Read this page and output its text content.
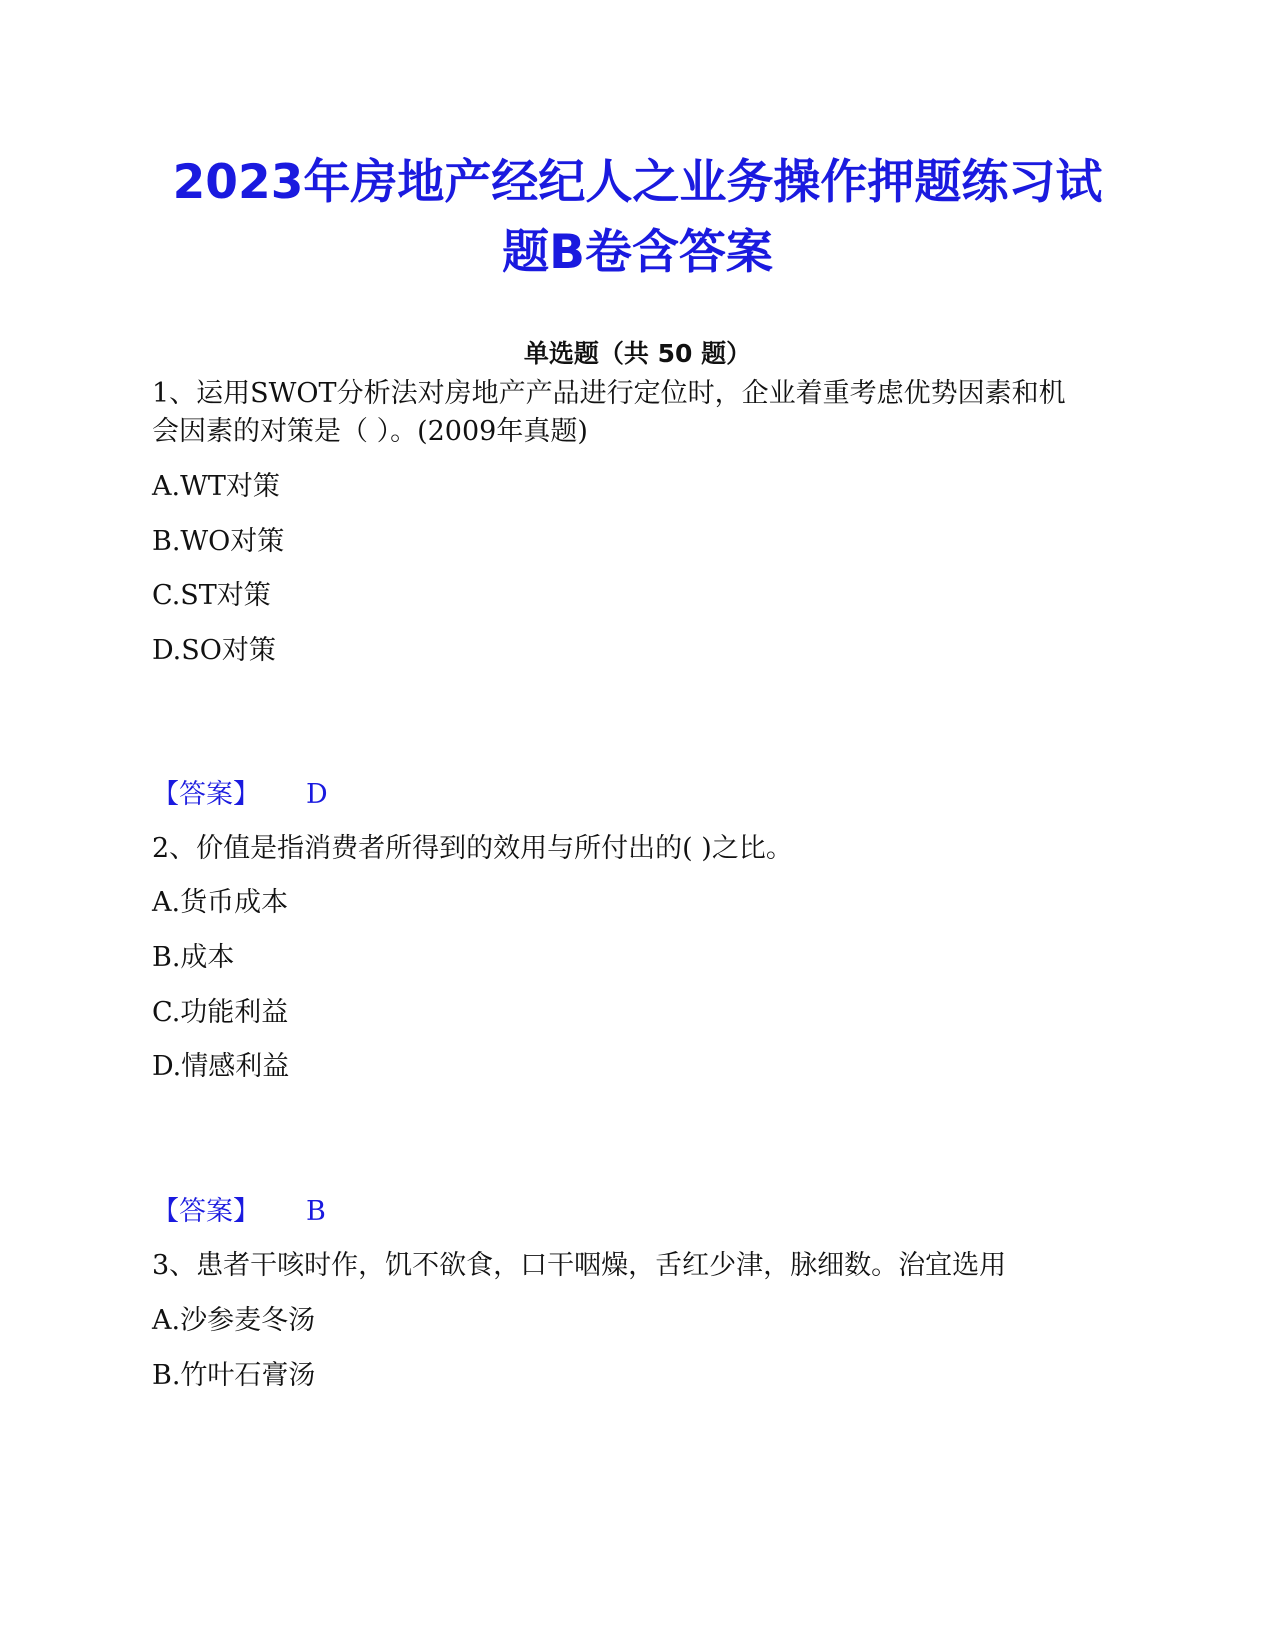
2023年房地产经纪人之业务操作押题练习试
题B卷含答案
单选题（共 50 题）
1、运用SWOT分析法对房地产产品进行定位时，企业着重考虑优势因素和机
会因素的对策是（ ）。(2009年真题)
A.WT对策
B.WO对策
C.ST对策
D.SO对策
【答案】 D
2、价值是指消费者所得到的效用与所付出的( )之比。
A.货币成本
B.成本
C.功能利益
D.情感利益
【答案】 B
3、患者干咳时作，饥不欲食，口干咽燥，舌红少津，脉细数。治宜选用
A.沙参麦冬汤
B.竹叶石膏汤
